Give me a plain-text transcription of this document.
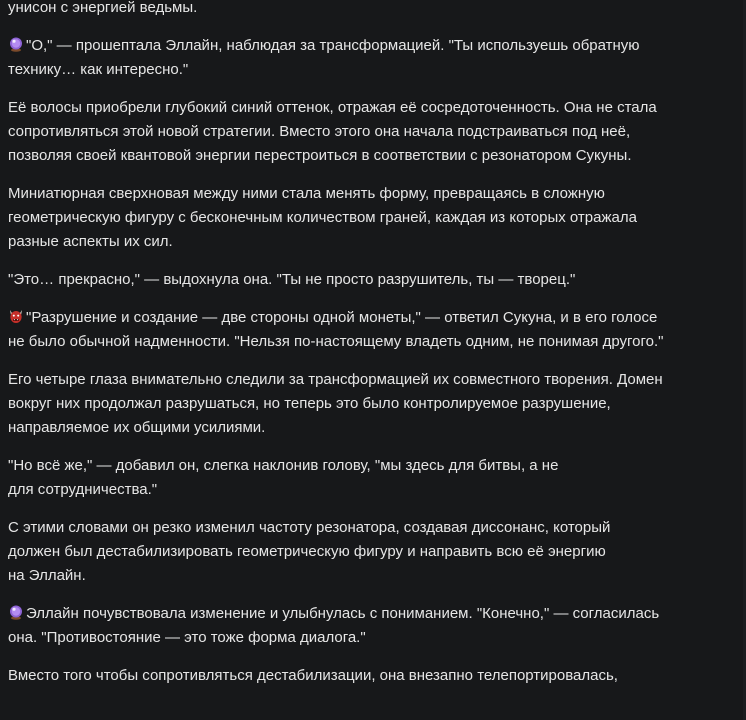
унисон с энергией ведьмы.

"О," — прошептала Эллайн, наблюдая за трансформацией. "Ты используешь обратную
технику… как интересно."

Её волосы приобрели глубокий синий оттенок, отражая её сосредоточенность. Она не стала
сопротивляться этой новой стратегии. Вместо этого она начала подстраиваться под неё,
позволяя своей квантовой энергии перестроиться в соответствии с резонатором Сукуны.

Миниатюрная сверхновая между ними стала менять форму, превращаясь в сложную
геометрическую фигуру с бесконечным количеством граней, каждая из которых отражала
разные аспекты их сил.

"Это… прекрасно," — выдохнула она. "Ты не просто разрушитель, ты — творец."

"Разрушение и создание — две стороны одной монеты," — ответил Сукуна, и в его голосе
не было обычной надменности. "Нельзя по-настоящему владеть одним, не понимая другого."

Его четыре глаза внимательно следили за трансформацией их совместного творения. Домен
вокруг них продолжал разрушаться, но теперь это было контролируемое разрушение,
направляемое их общими усилиями.

"Но всё же," — добавил он, слегка наклонив голову, "мы здесь для битвы, а не
для сотрудничества."

С этими словами он резко изменил частоту резонатора, создавая диссонанс, который
должен был дестабилизировать геометрическую фигуру и направить всю её энергию
на Эллайн.

Эллайн почувствовала изменение и улыбнулась с пониманием. "Конечно," — согласилась
она. "Противостояние — это тоже форма диалога."

Вместо того чтобы сопротивляться дестабилизации, она внезапно телепортировалась,
